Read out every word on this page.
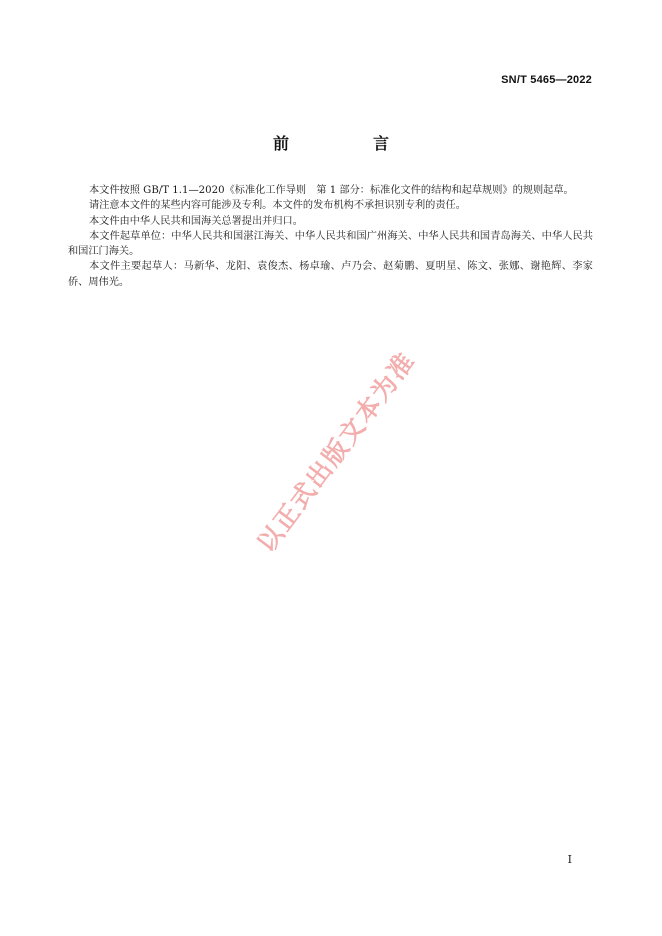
SN/T 5465—2022
前　言

本文件按照 GB/T 1.1—2020《标准化工作导则　第 1 部分：标准化文件的结构和起草规则》的规则起草。

请注意本文件的某些内容可能涉及专利。本文件的发布机构不承担识别专利的责任。

本文件由中华人民共和国海关总署提出并归口。

本文件起草单位：中华人民共和国湛江海关、中华人民共和国广州海关、中华人民共和国青岛海关、中华人民共和国江门海关。

本文件主要起草人：马新华、龙阳、袁俊杰、杨卓瑜、卢乃会、赵菊鹏、夏明星、陈文、张娜、谢艳辉、李家侨、周伟光。

以正式出版文本为准
I
